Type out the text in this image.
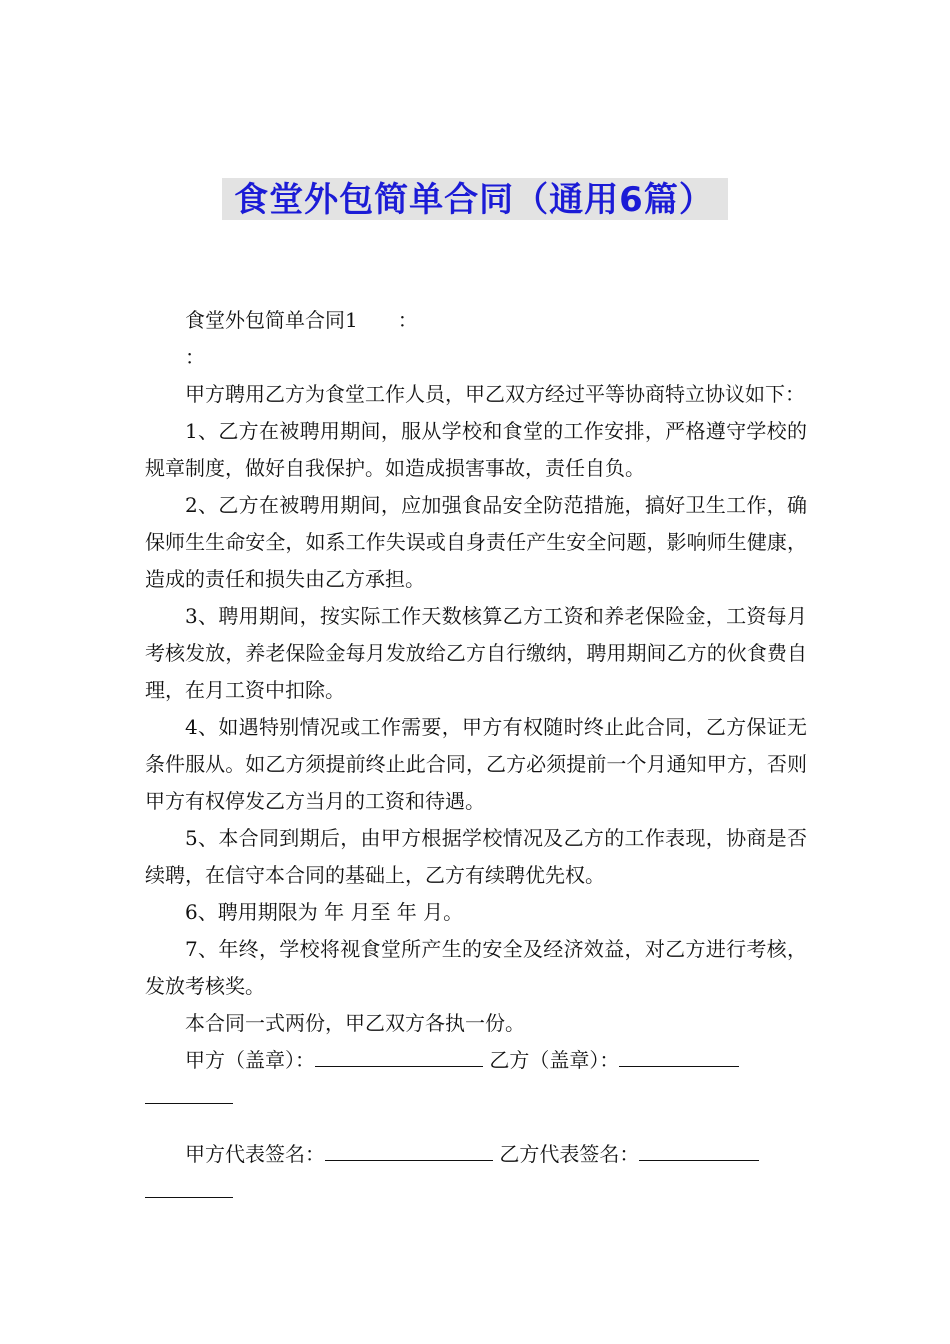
食堂外包简单合同（通用6篇）

食堂外包简单合同1 ：

：

甲方聘用乙方为食堂工作人员，甲乙双方经过平等协商特立协议如下：

1、乙方在被聘用期间，服从学校和食堂的工作安排，严格遵守学校的规章制度，做好自我保护。如造成损害事故，责任自负。

2、乙方在被聘用期间，应加强食品安全防范措施，搞好卫生工作，确保师生生命安全，如系工作失误或自身责任产生安全问题，影响师生健康，造成的责任和损失由乙方承担。

3、聘用期间，按实际工作天数核算乙方工资和养老保险金，工资每月考核发放，养老保险金每月发放给乙方自行缴纳，聘用期间乙方的伙食费自理，在月工资中扣除。

4、如遇特别情况或工作需要，甲方有权随时终止此合同，乙方保证无条件服从。如乙方须提前终止此合同，乙方必须提前一个月通知甲方，否则甲方有权停发乙方当月的工资和待遇。

5、本合同到期后，由甲方根据学校情况及乙方的工作表现，协商是否续聘，在信守本合同的基础上，乙方有续聘优先权。

6、聘用期限为 年 月至 年 月。

7、年终，学校将视食堂所产生的安全及经济效益，对乙方进行考核，发放考核奖。

本合同一式两份，甲乙双方各执一份。

甲方（盖章）：	乙方（盖章）：

甲方代表签名：	乙方代表签名：
